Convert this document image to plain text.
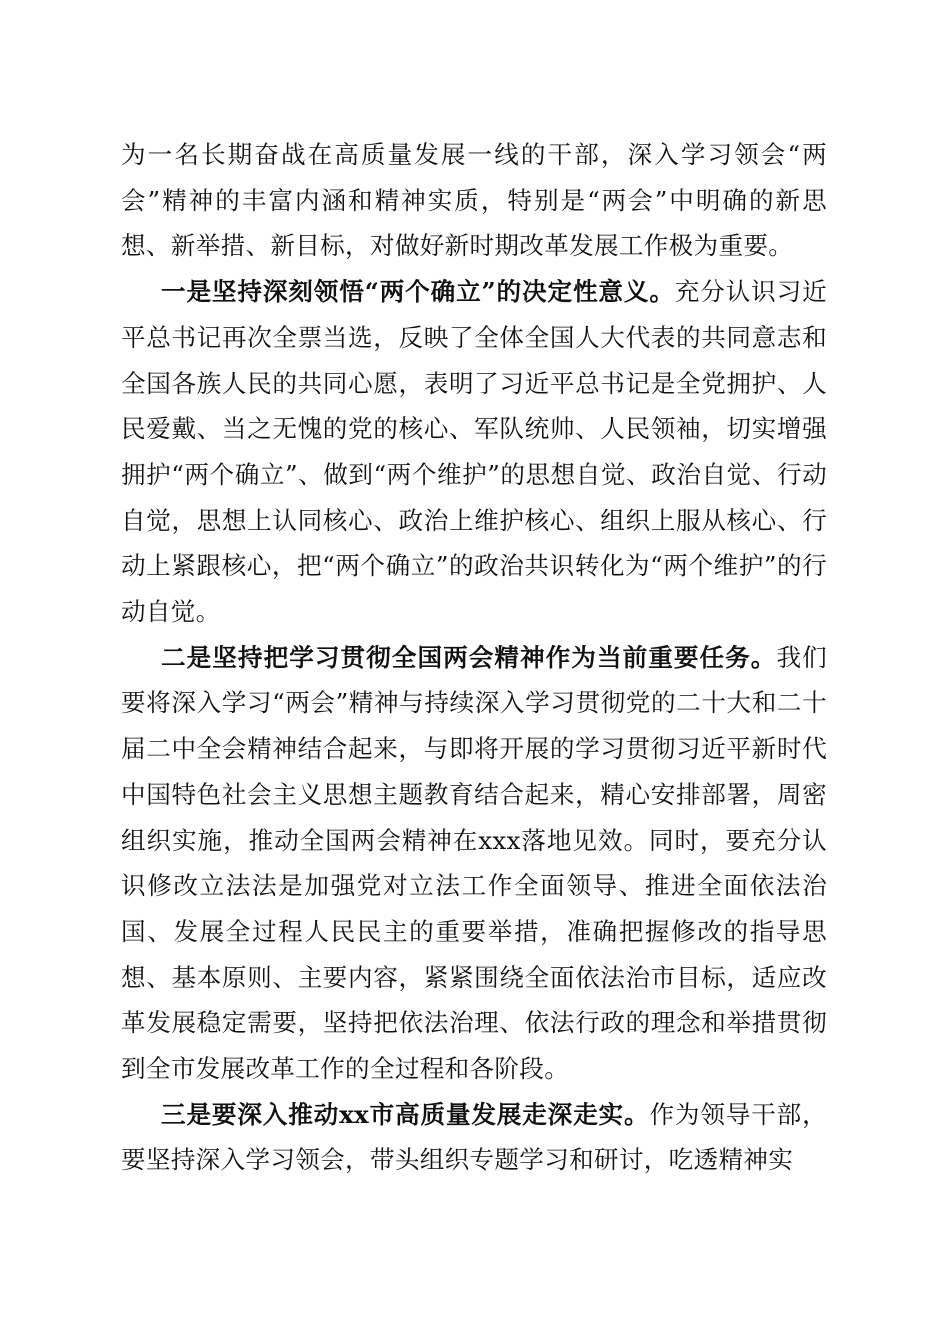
为一名长期奋战在高质量发展一线的干部，深入学习领会“两会”精神的丰富内涵和精神实质，特别是“两会”中明确的新思想、新举措、新目标，对做好新时期改革发展工作极为重要。

一是坚持深刻领悟“两个确立”的决定性意义。充分认识习近平总书记再次全票当选，反映了全体全国人大代表的共同意志和全国各族人民的共同心愿，表明了习近平总书记是全党拥护、人民爱戴、当之无愧的党的核心、军队统帅、人民领袖，切实增强拥护“两个确立”、做到“两个维护”的思想自觉、政治自觉、行动自觉，思想上认同核心、政治上维护核心、组织上服从核心、行动上紧跟核心，把“两个确立”的政治共识转化为“两个维护”的行动自觉。

二是坚持把学习贯彻全国两会精神作为当前重要任务。我们要将深入学习“两会”精神与持续深入学习贯彻党的二十大和二十届二中全会精神结合起来，与即将开展的学习贯彻习近平新时代中国特色社会主义思想主题教育结合起来，精心安排部署，周密组织实施，推动全国两会精神在xxx落地见效。同时，要充分认识修改立法法是加强党对立法工作全面领导、推进全面依法治国、发展全过程人民民主的重要举措，准确把握修改的指导思想、基本原则、主要内容，紧紧围绕全面依法治市目标，适应改革发展稳定需要，坚持把依法治理、依法行政的理念和举措贯彻到全市发展改革工作的全过程和各阶段。

三是要深入推动xx市高质量发展走深走实。作为领导干部，要坚持深入学习领会，带头组织专题学习和研讨，吃透精神实
